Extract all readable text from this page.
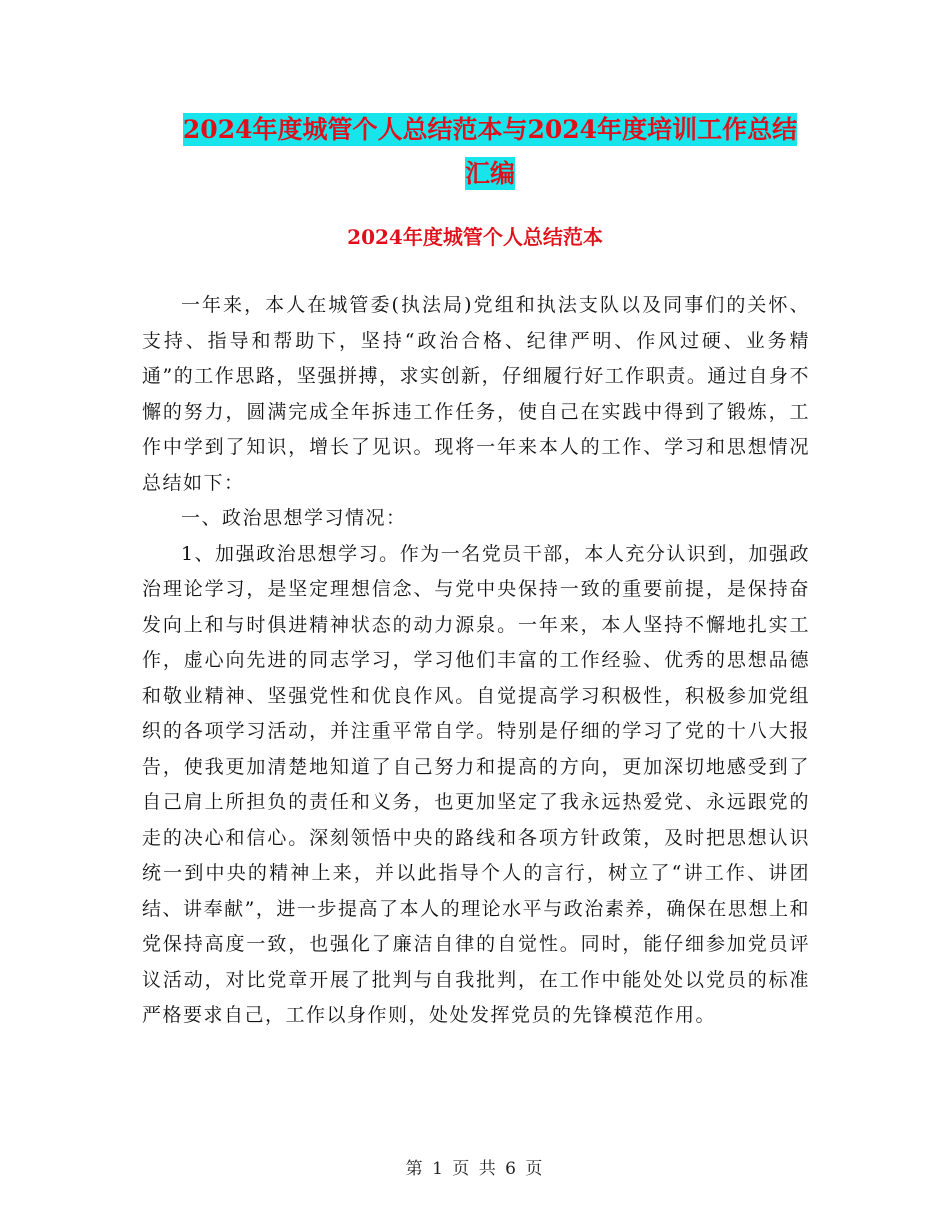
2024年度城管个人总结范本与2024年度培训工作总结
汇编
2024年度城管个人总结范本

一年来，本人在城管委(执法局)党组和执法支队以及同事们的关怀、支持、指导和帮助下，坚持“政治合格、纪律严明、作风过硬、业务精通”的工作思路，坚强拼搏，求实创新，仔细履行好工作职责。通过自身不懈的努力，圆满完成全年拆违工作任务，使自己在实践中得到了锻炼，工作中学到了知识，增长了见识。现将一年来本人的工作、学习和思想情况总结如下：

一、政治思想学习情况：

1、加强政治思想学习。作为一名党员干部，本人充分认识到，加强政治理论学习，是坚定理想信念、与党中央保持一致的重要前提，是保持奋发向上和与时俱进精神状态的动力源泉。一年来，本人坚持不懈地扎实工作，虚心向先进的同志学习，学习他们丰富的工作经验、优秀的思想品德和敬业精神、坚强党性和优良作风。自觉提高学习积极性，积极参加党组织的各项学习活动，并注重平常自学。特别是仔细的学习了党的十八大报告，使我更加清楚地知道了自己努力和提高的方向，更加深切地感受到了自己肩上所担负的责任和义务，也更加坚定了我永远热爱党、永远跟党的走的决心和信心。深刻领悟中央的路线和各项方针政策，及时把思想认识统一到中央的精神上来，并以此指导个人的言行，树立了“讲工作、讲团结、讲奉献”，进一步提高了本人的理论水平与政治素养，确保在思想上和党保持高度一致，也强化了廉洁自律的自觉性。同时，能仔细参加党员评议活动，对比党章开展了批判与自我批判，在工作中能处处以党员的标准严格要求自己，工作以身作则，处处发挥党员的先锋模范作用。

第 1 页 共 6 页
